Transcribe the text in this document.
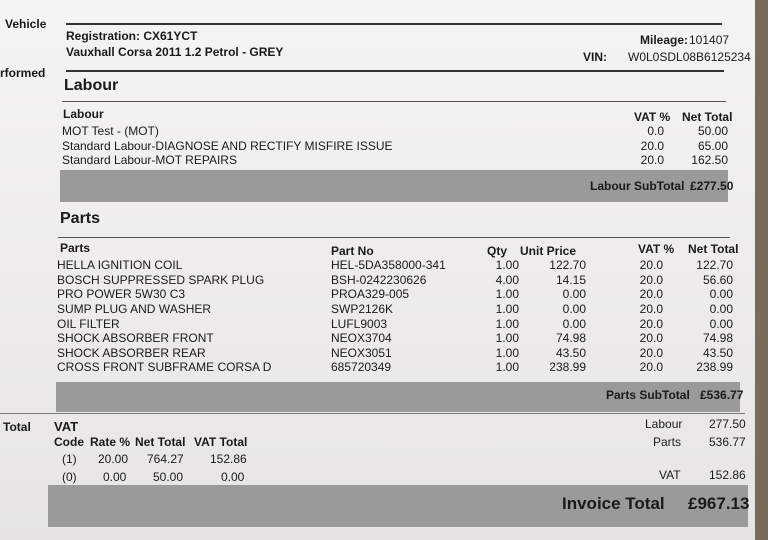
Vehicle
rformed
Total
Registration: CX61YCT
Vauxhall Corsa 2011 1.2 Petrol - GREY
Mileage: 101407
VIN: W0L0SDL08B6125234
Labour
Labour	VAT % Net Total
MOT Test - (MOT)	0.0	50.00
Standard Labour-DIAGNOSE AND RECTIFY MISFIRE ISSUE	20.0	65.00
Standard Labour-MOT REPAIRS	20.0	162.50
Labour SubTotal £277.50
Parts
Parts	Part No	Qty Unit Price	VAT % Net Total
HELLA IGNITION COIL	HEL-5DA358000-341	1.00	122.70	20.0	122.70
BOSCH SUPPRESSED SPARK PLUG	BSH-0242230626	4.00	14.15	20.0	56.60
PRO POWER 5W30 C3	PROA329-005	1.00	0.00	20.0	0.00
SUMP PLUG AND WASHER	SWP2126K	1.00	0.00	20.0	0.00
OIL FILTER	LUFL9003	1.00	0.00	20.0	0.00
SHOCK ABSORBER FRONT	NEOX3704	1.00	74.98	20.0	74.98
SHOCK ABSORBER REAR	NEOX3051	1.00	43.50	20.0	43.50
CROSS FRONT SUBFRAME CORSA D	685720349	1.00	238.99	20.0	238.99
Parts SubTotal £536.77
VAT
Code Rate % Net Total VAT Total
(1) 20.00 764.27 152.86
(0) 0.00 50.00	0.00
Labour 277.50
Parts 536.77
VAT 152.86
Invoice Total £967.13
